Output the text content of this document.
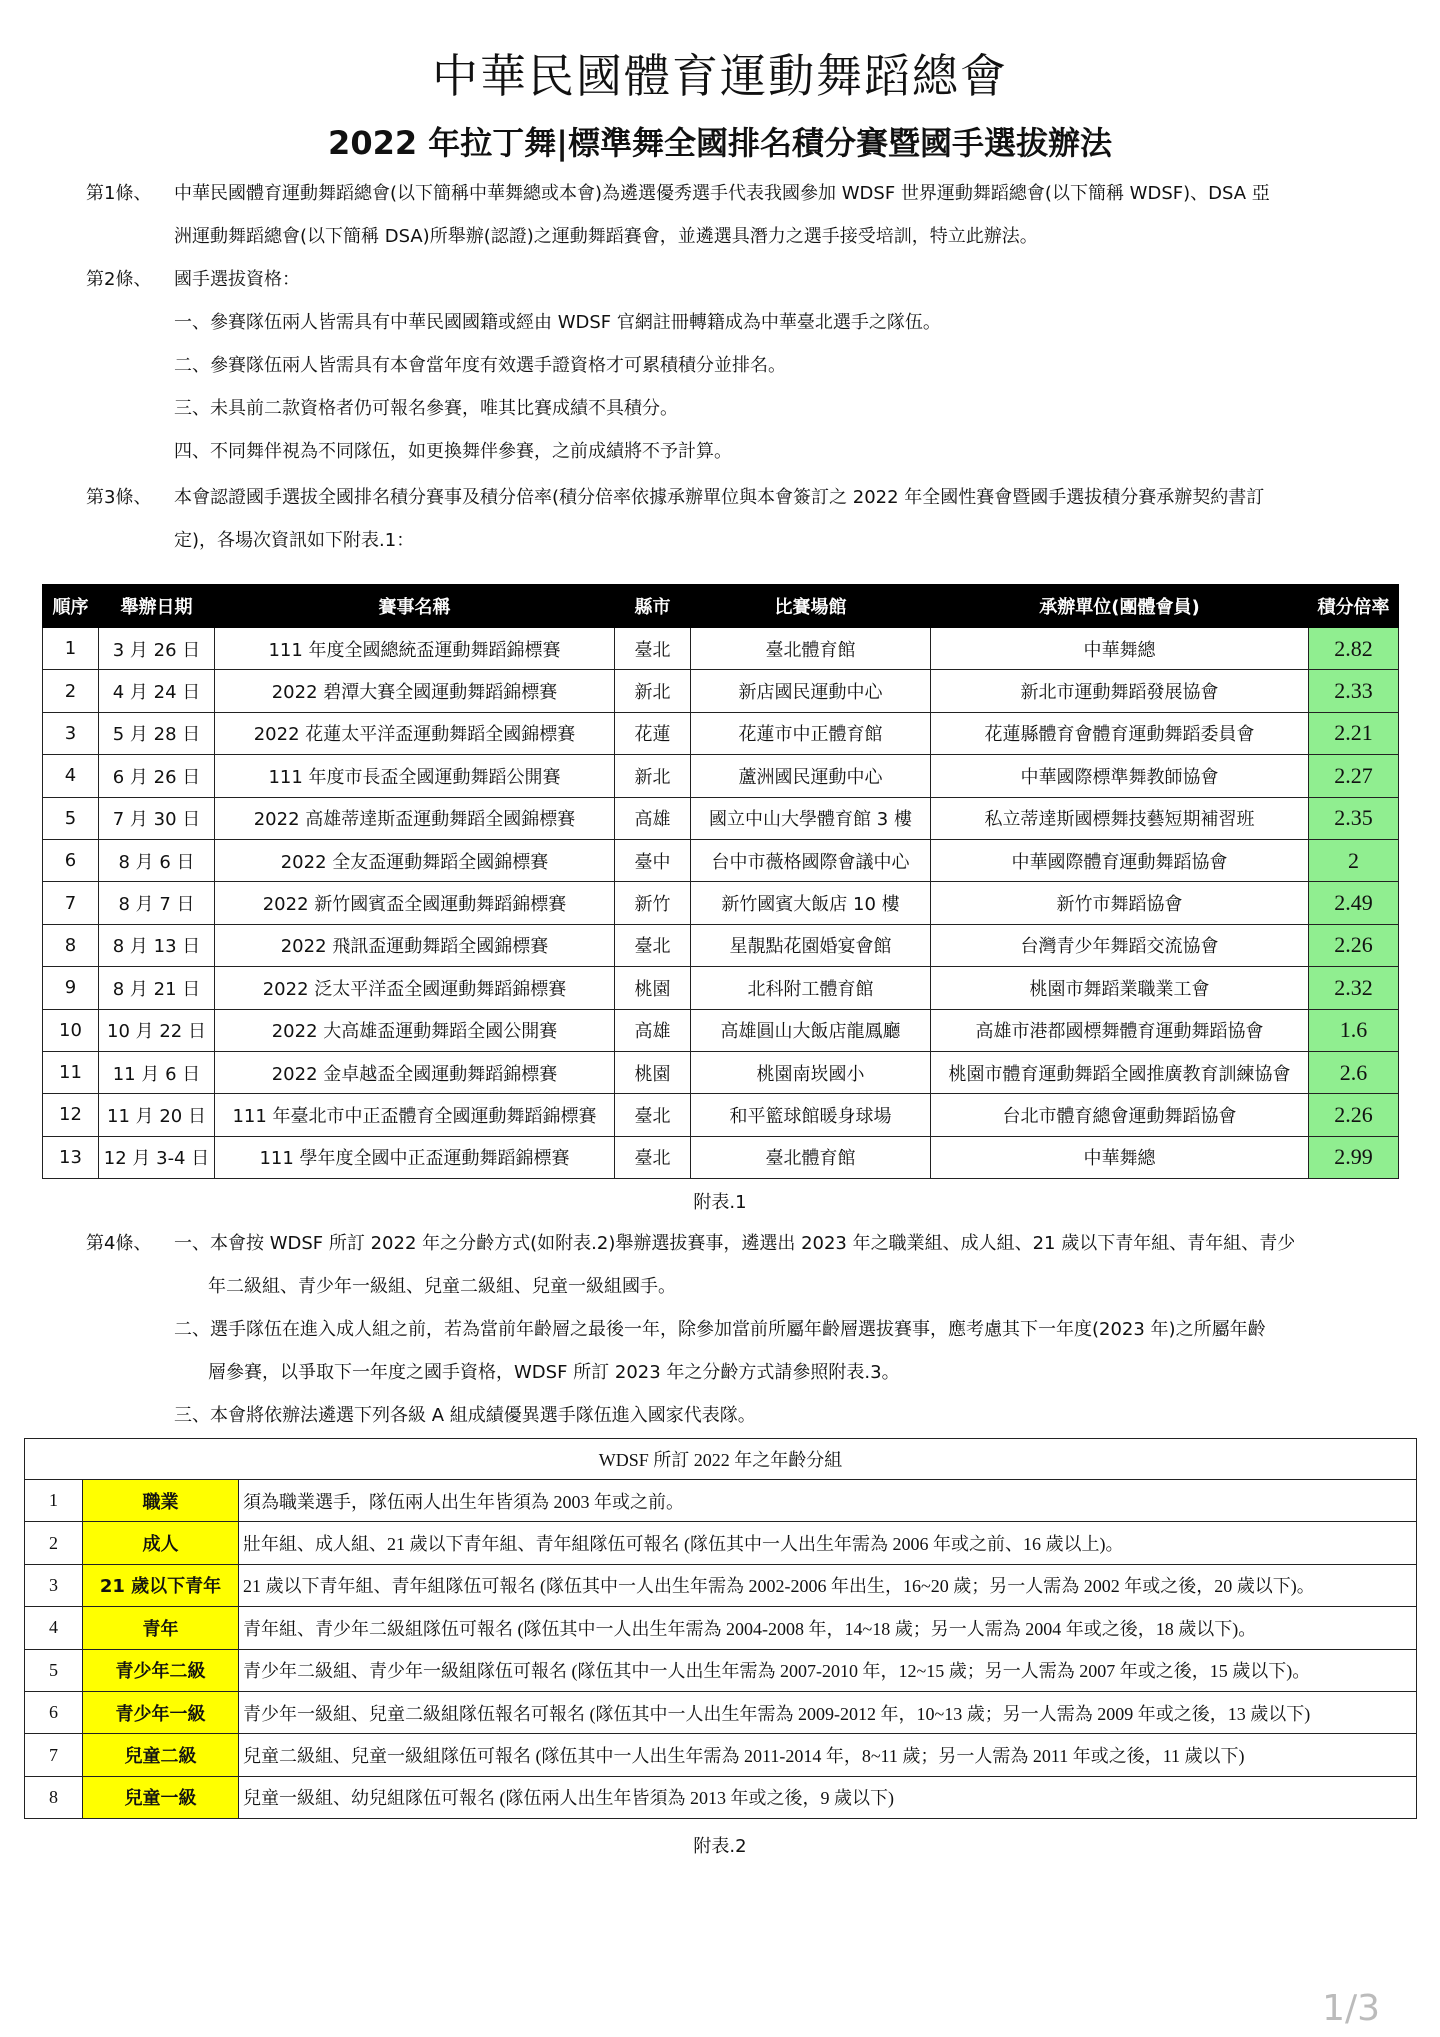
中華民國體育運動舞蹈總會
2022 年拉丁舞|標準舞全國排名積分賽暨國手選拔辦法
第1條、 中華民國體育運動舞蹈總會(以下簡稱中華舞總或本會)為遴選優秀選手代表我國參加 WDSF 世界運動舞蹈總會(以下簡稱 WDSF)、DSA 亞
洲運動舞蹈總會(以下簡稱 DSA)所舉辦(認證)之運動舞蹈賽會，並遴選具潛力之選手接受培訓，特立此辦法。
第2條、 國手選拔資格：
一、參賽隊伍兩人皆需具有中華民國國籍或經由 WDSF 官網註冊轉籍成為中華臺北選手之隊伍。
二、參賽隊伍兩人皆需具有本會當年度有效選手證資格才可累積積分並排名。
三、未具前二款資格者仍可報名參賽，唯其比賽成績不具積分。
四、不同舞伴視為不同隊伍，如更換舞伴參賽，之前成績將不予計算。
第3條、 本會認證國手選拔全國排名積分賽事及積分倍率(積分倍率依據承辦單位與本會簽訂之 2022 年全國性賽會暨國手選拔積分賽承辦契約書訂
定)，各場次資訊如下附表.1：
順序	舉辦日期	賽事名稱	縣市	比賽場館	承辦單位(團體會員)	積分倍率
1	3 月 26 日	111 年度全國總統盃運動舞蹈錦標賽	臺北	臺北體育館	中華舞總	2.82
2	4 月 24 日	2022 碧潭大賽全國運動舞蹈錦標賽	新北	新店國民運動中心	新北市運動舞蹈發展協會	2.33
3	5 月 28 日	2022 花蓮太平洋盃運動舞蹈全國錦標賽	花蓮	花蓮市中正體育館	花蓮縣體育會體育運動舞蹈委員會	2.21
4	6 月 26 日	111 年度市長盃全國運動舞蹈公開賽	新北	蘆洲國民運動中心	中華國際標準舞教師協會	2.27
5	7 月 30 日	2022 高雄蒂達斯盃運動舞蹈全國錦標賽	高雄	國立中山大學體育館 3 樓	私立蒂達斯國標舞技藝短期補習班	2.35
6	8 月 6 日	2022 全友盃運動舞蹈全國錦標賽	臺中	台中市薇格國際會議中心	中華國際體育運動舞蹈協會	2
7	8 月 7 日	2022 新竹國賓盃全國運動舞蹈錦標賽	新竹	新竹國賓大飯店 10 樓	新竹市舞蹈協會	2.49
8	8 月 13 日	2022 飛訊盃運動舞蹈全國錦標賽	臺北	星靚點花園婚宴會館	台灣青少年舞蹈交流協會	2.26
9	8 月 21 日	2022 泛太平洋盃全國運動舞蹈錦標賽	桃園	北科附工體育館	桃園市舞蹈業職業工會	2.32
10	10 月 22 日	2022 大高雄盃運動舞蹈全國公開賽	高雄	高雄圓山大飯店龍鳳廳	高雄市港都國標舞體育運動舞蹈協會	1.6
11	11 月 6 日	2022 金卓越盃全國運動舞蹈錦標賽	桃園	桃園南崁國小	桃園市體育運動舞蹈全國推廣教育訓練協會	2.6
12	11 月 20 日	111 年臺北市中正盃體育全國運動舞蹈錦標賽	臺北	和平籃球館暖身球場	台北市體育總會運動舞蹈協會	2.26
13	12 月 3-4 日	111 學年度全國中正盃運動舞蹈錦標賽	臺北	臺北體育館	中華舞總	2.99
附表.1
第4條、 一、本會按 WDSF 所訂 2022 年之分齡方式(如附表.2)舉辦選拔賽事，遴選出 2023 年之職業組、成人組、21 歲以下青年組、青年組、青少
年二級組、青少年一級組、兒童二級組、兒童一級組國手。
二、選手隊伍在進入成人組之前，若為當前年齡層之最後一年，除參加當前所屬年齡層選拔賽事，應考慮其下一年度(2023 年)之所屬年齡
層參賽，以爭取下一年度之國手資格，WDSF 所訂 2023 年之分齡方式請參照附表.3。
三、本會將依辦法遴選下列各級 A 組成績優異選手隊伍進入國家代表隊。
WDSF 所訂 2022 年之年齡分組		
1	職業	須為職業選手，隊伍兩人出生年皆須為 2003 年或之前。
2	成人	壯年組、成人組、21 歲以下青年組、青年組隊伍可報名 (隊伍其中一人出生年需為 2006 年或之前、16 歲以上)。
3	21 歲以下青年	21 歲以下青年組、青年組隊伍可報名 (隊伍其中一人出生年需為 2002-2006 年出生，16~20 歲；另一人需為 2002 年或之後，20 歲以下)。
4	青年	青年組、青少年二級組隊伍可報名 (隊伍其中一人出生年需為 2004-2008 年，14~18 歲；另一人需為 2004 年或之後，18 歲以下)。
5	青少年二級	青少年二級組、青少年一級組隊伍可報名 (隊伍其中一人出生年需為 2007-2010 年，12~15 歲；另一人需為 2007 年或之後，15 歲以下)。
6	青少年一級	青少年一級組、兒童二級組隊伍報名可報名 (隊伍其中一人出生年需為 2009-2012 年，10~13 歲；另一人需為 2009 年或之後，13 歲以下)
7	兒童二級	兒童二級組、兒童一級組隊伍可報名 (隊伍其中一人出生年需為 2011-2014 年，8~11 歲；另一人需為 2011 年或之後，11 歲以下)
8	兒童一級	兒童一級組、幼兒組隊伍可報名 (隊伍兩人出生年皆須為 2013 年或之後，9 歲以下)
附表.2
1/3
